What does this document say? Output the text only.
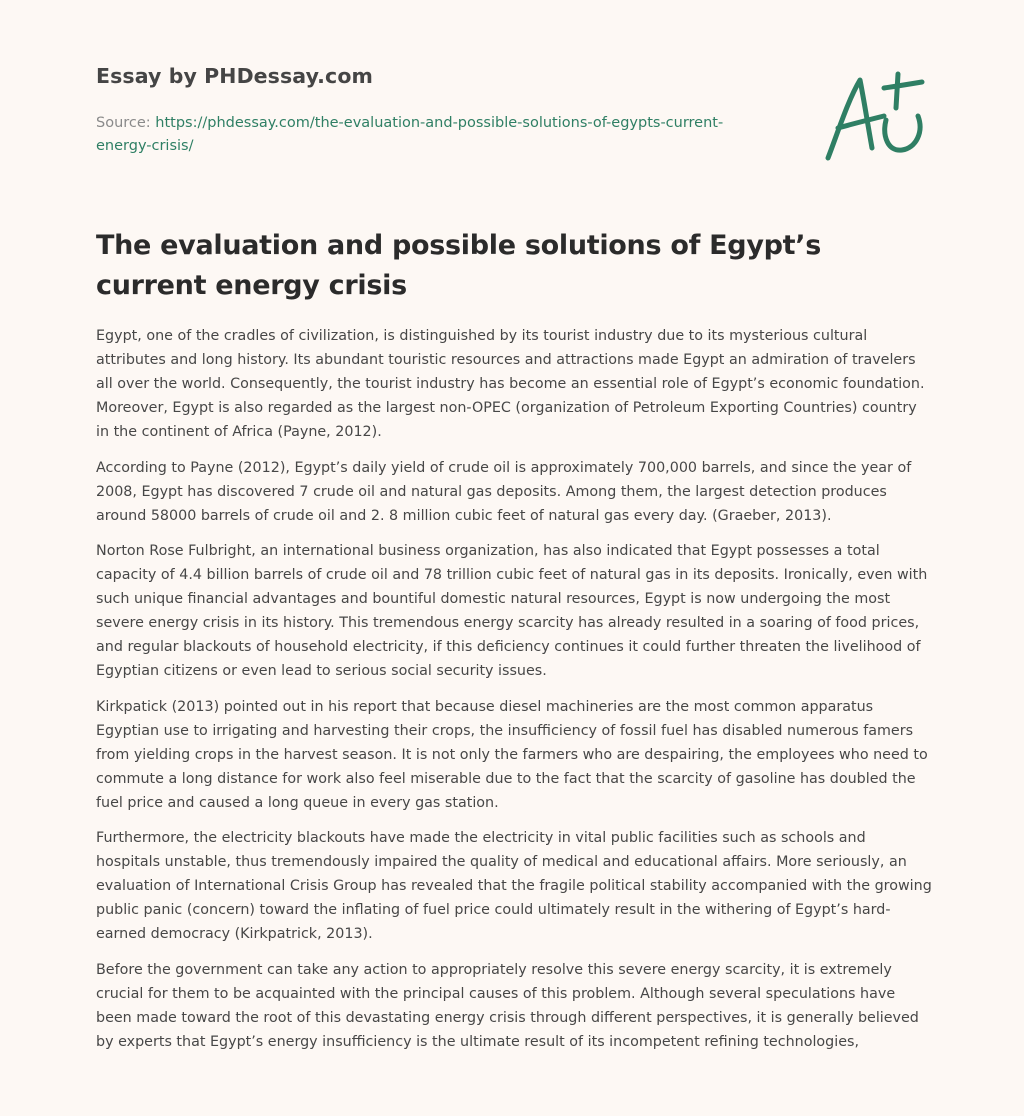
Essay by PHDessay.com

Source: https://phdessay.com/the-evaluation-and-possible-solutions-of-egypts-current-energy-crisis/

The evaluation and possible solutions of Egypt’s current energy crisis

Egypt, one of the cradles of civilization, is distinguished by its tourist industry due to its mysterious cultural attributes and long history. Its abundant touristic resources and attractions made Egypt an admiration of travelers all over the world. Consequently, the tourist industry has become an essential role of Egypt’s economic foundation. Moreover, Egypt is also regarded as the largest non-OPEC (organization of Petroleum Exporting Countries) country in the continent of Africa (Payne, 2012).

According to Payne (2012), Egypt’s daily yield of crude oil is approximately 700,000 barrels, and since the year of 2008, Egypt has discovered 7 crude oil and natural gas deposits. Among them, the largest detection produces around 58000 barrels of crude oil and 2. 8 million cubic feet of natural gas every day. (Graeber, 2013).

Norton Rose Fulbright, an international business organization, has also indicated that Egypt possesses a total capacity of 4.4 billion barrels of crude oil and 78 trillion cubic feet of natural gas in its deposits. Ironically, even with such unique financial advantages and bountiful domestic natural resources, Egypt is now undergoing the most severe energy crisis in its history. This tremendous energy scarcity has already resulted in a soaring of food prices, and regular blackouts of household electricity, if this deficiency continues it could further threaten the livelihood of Egyptian citizens or even lead to serious social security issues.

Kirkpatick (2013) pointed out in his report that because diesel machineries are the most common apparatus Egyptian use to irrigating and harvesting their crops, the insufficiency of fossil fuel has disabled numerous famers from yielding crops in the harvest season. It is not only the farmers who are despairing, the employees who need to commute a long distance for work also feel miserable due to the fact that the scarcity of gasoline has doubled the fuel price and caused a long queue in every gas station.

Furthermore, the electricity blackouts have made the electricity in vital public facilities such as schools and hospitals unstable, thus tremendously impaired the quality of medical and educational affairs. More seriously, an evaluation of International Crisis Group has revealed that the fragile political stability accompanied with the growing public panic (concern) toward the inflating of fuel price could ultimately result in the withering of Egypt’s hard-earned democracy (Kirkpatrick, 2013).

Before the government can take any action to appropriately resolve this severe energy scarcity, it is extremely crucial for them to be acquainted with the principal causes of this problem. Although several speculations have been made toward the root of this devastating energy crisis through different perspectives, it is generally believed by experts that Egypt’s energy insufficiency is the ultimate result of its incompetent refining technologies,
